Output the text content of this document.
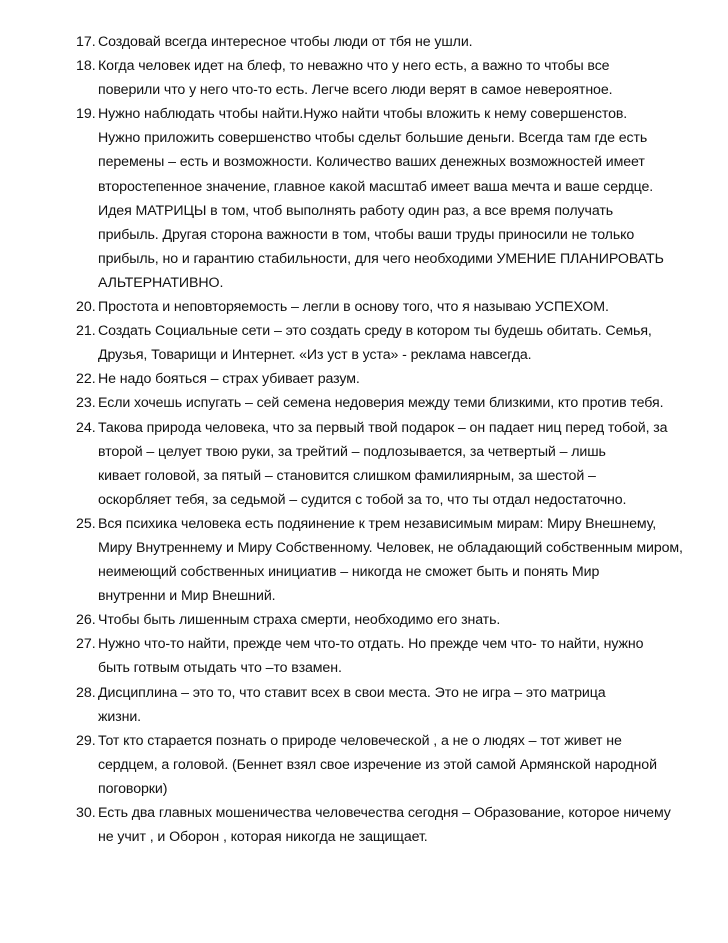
17. Создовай всегда интересное чтобы люди от тбя не ушли.
18. Когда человек идет на блеф, то неважно что у него есть, а важно то чтобы все
поверили что у него что-то есть. Легче всего люди верят в самое невероятное.
19. Нужно наблюдать чтобы найти.Нужо найти чтобы вложить к нему совершенстов.
Нужно приложить совершенство чтобы сдельт большие деньги. Всегда там где есть
перемены – есть и возможности. Количество ваших денежных возможностей имеет
второстепенное значение, главное какой масштаб имеет ваша мечта и ваше сердце.
Идея МАТРИЦЫ в том, чтоб выполнять работу один раз, а все время получать
прибыль. Другая сторона важности в том, чтобы ваши труды приносили не только
прибыль, но и гарантию стабильности, для чего необходими УМЕНИЕ ПЛАНИРОВАТЬ
АЛЬТЕРНАТИВНО.
20. Простота и неповторяемость – легли в основу того, что я называю УСПЕХОМ.
21. Создать Социальные сети – это создать среду в котором ты будешь обитать. Семья,
Друзья, Товарищи и Интернет. «Из уст в уста» - реклама навсегда.
22. Не надо бояться – страх убивает разум.
23. Если хочешь испугать – сей семена недоверия между теми близкими, кто против тебя.
24. Такова природа человека, что за первый твой подарок – он падает ниц перед тобой, за
второй – целует твою руки, за трейтий – подлозывается, за четвертый – лишь
кивает головой, за пятый – становится слишком фамилиярным, за шестой –
оскорбляет тебя, за седьмой – судится с тобой за то, что ты отдал недостаточно.
25. Вся психика человека есть подяинение к трем независимым мирам: Миру Внешнему,
Миру Внутреннему и Миру Собственному. Человек, не обладающий собственным миром,
неимеющий собственных инициатив – никогда не сможет быть и понять Мир
внутренни и Мир Внешний.
26. Чтобы быть лишенным страха смерти, необходимо его знать.
27. Нужно что-то найти, прежде чем что-то отдать. Но прежде чем что- то найти, нужно
быть готвым отыдать что –то взамен.
28. Дисциплина – это то, что ставит всех в свои места. Это не игра – это матрица
жизни.
29. Тот кто старается познать о природе человеческой , а не о людях – тот живет не
сердцем, а головой. (Беннет взял свое изречение из этой самой Армянской народной
поговорки)
30. Есть два главных мошеничества человечества сегодня – Образование, которое ничему
не учит , и Оборон , которая никогда не защищает.
